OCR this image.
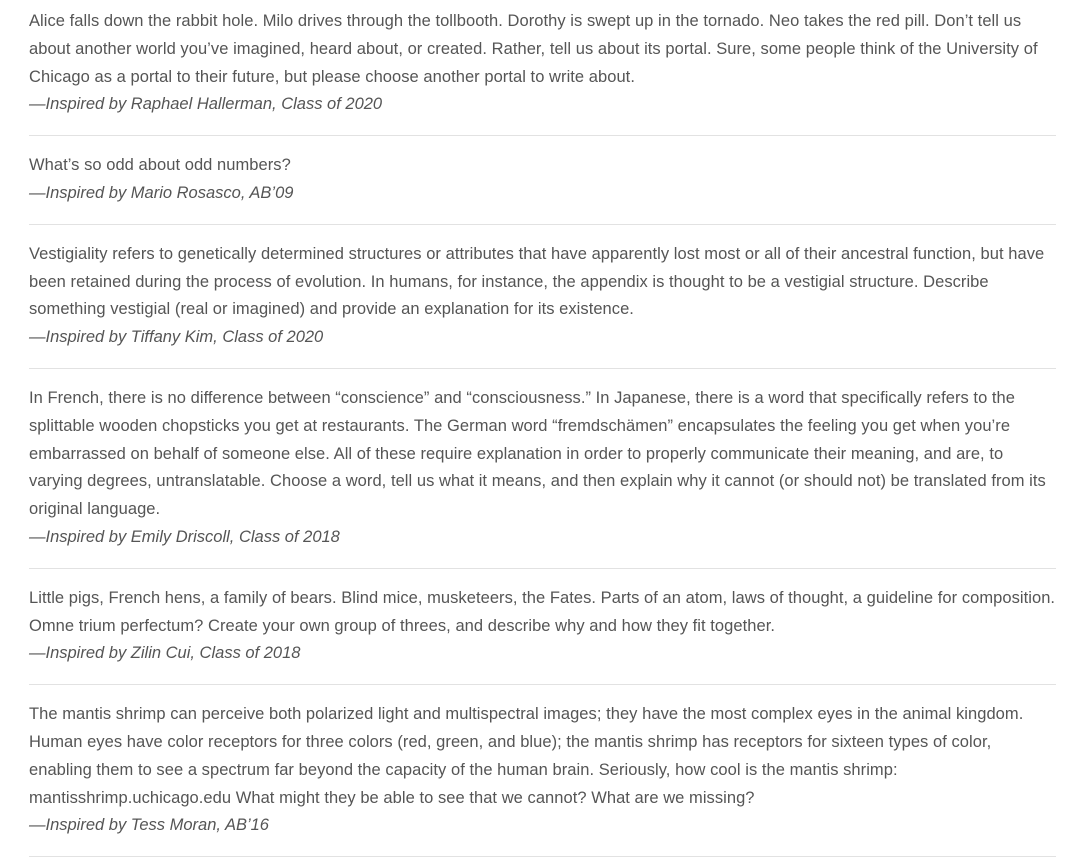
Alice falls down the rabbit hole. Milo drives through the tollbooth. Dorothy is swept up in the tornado. Neo takes the red pill. Don’t tell us about another world you’ve imagined, heard about, or created. Rather, tell us about its portal. Sure, some people think of the University of Chicago as a portal to their future, but please choose another portal to write about.

—Inspired by Raphael Hallerman, Class of 2020

What’s so odd about odd numbers?

—Inspired by Mario Rosasco, AB’09

Vestigiality refers to genetically determined structures or attributes that have apparently lost most or all of their ancestral function, but have been retained during the process of evolution. In humans, for instance, the appendix is thought to be a vestigial structure. Describe something vestigial (real or imagined) and provide an explanation for its existence.

—Inspired by Tiffany Kim, Class of 2020

In French, there is no difference between “conscience” and “consciousness.” In Japanese, there is a word that specifically refers to the splittable wooden chopsticks you get at restaurants. The German word “fremdschämen” encapsulates the feeling you get when you’re embarrassed on behalf of someone else. All of these require explanation in order to properly communicate their meaning, and are, to varying degrees, untranslatable. Choose a word, tell us what it means, and then explain why it cannot (or should not) be translated from its original language.

—Inspired by Emily Driscoll, Class of 2018

Little pigs, French hens, a family of bears. Blind mice, musketeers, the Fates. Parts of an atom, laws of thought, a guideline for composition. Omne trium perfectum? Create your own group of threes, and describe why and how they fit together.

—Inspired by Zilin Cui, Class of 2018

The mantis shrimp can perceive both polarized light and multispectral images; they have the most complex eyes in the animal kingdom. Human eyes have color receptors for three colors (red, green, and blue); the mantis shrimp has receptors for sixteen types of color, enabling them to see a spectrum far beyond the capacity of the human brain. Seriously, how cool is the mantis shrimp: mantisshrimp.uchicago.edu What might they be able to see that we cannot? What are we missing?

—Inspired by Tess Moran, AB’16
